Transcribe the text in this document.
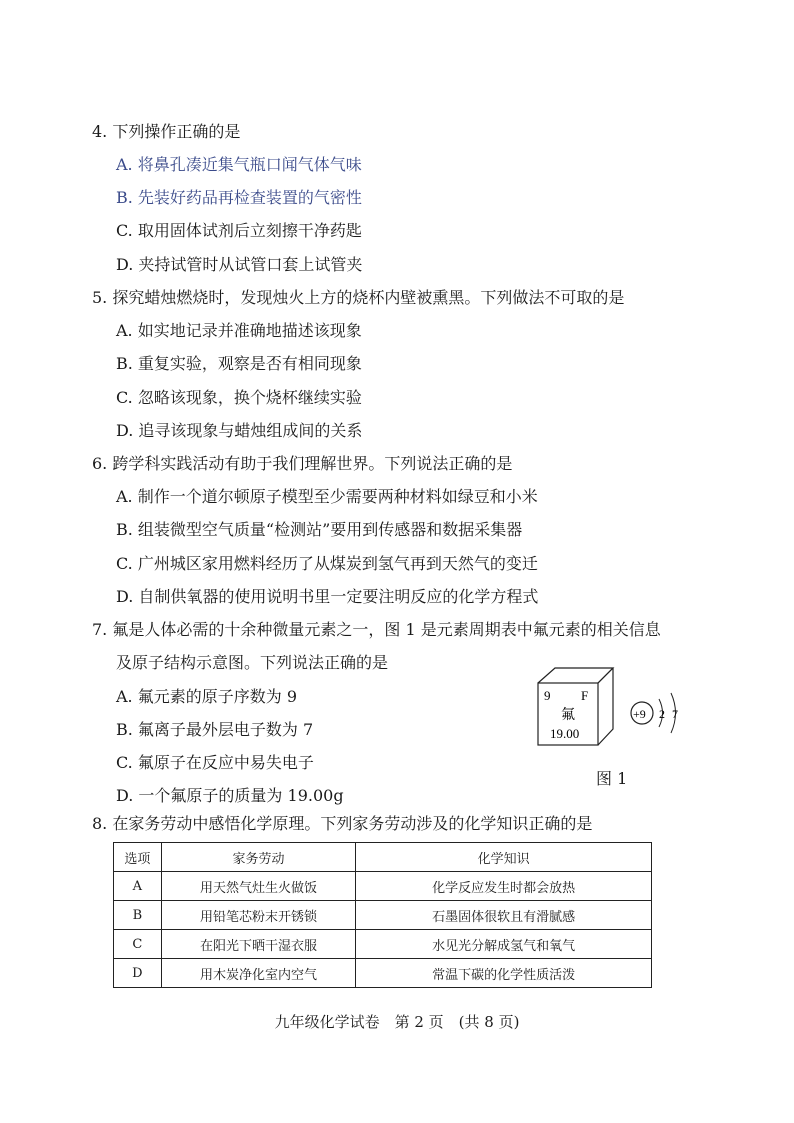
4. 下列操作正确的是
A. 将鼻孔凑近集气瓶口闻气体气味
B. 先装好药品再检查装置的气密性
C. 取用固体试剂后立刻擦干净药匙
D. 夹持试管时从试管口套上试管夹
5. 探究蜡烛燃烧时，发现烛火上方的烧杯内壁被熏黑。下列做法不可取的是
A. 如实地记录并准确地描述该现象
B. 重复实验，观察是否有相同现象
C. 忽略该现象，换个烧杯继续实验
D. 追寻该现象与蜡烛组成间的关系
6. 跨学科实践活动有助于我们理解世界。下列说法正确的是
A. 制作一个道尔顿原子模型至少需要两种材料如绿豆和小米
B. 组装微型空气质量“检测站”要用到传感器和数据采集器
C. 广州城区家用燃料经历了从煤炭到氢气再到天然气的变迁
D. 自制供氧器的使用说明书里一定要注明反应的化学方程式
7. 氟是人体必需的十余种微量元素之一，图 1 是元素周期表中氟元素的相关信息
及原子结构示意图。下列说法正确的是
A. 氟元素的原子序数为 9
B. 氟离子最外层电子数为 7
C. 氟原子在反应中易失电子
D. 一个氟原子的质量为 19.00g
9 F
氟
19.00
+9 2 7
图 1
8. 在家务劳动中感悟化学原理。下列家务劳动涉及的化学知识正确的是
选项	家务劳动	化学知识
A	用天然气灶生火做饭	化学反应发生时都会放热
B	用铅笔芯粉末开锈锁	石墨固体很软且有滑腻感
C	在阳光下晒干湿衣服	水见光分解成氢气和氧气
D	用木炭净化室内空气	常温下碳的化学性质活泼
九年级化学试卷　第 2 页　(共 8 页)
